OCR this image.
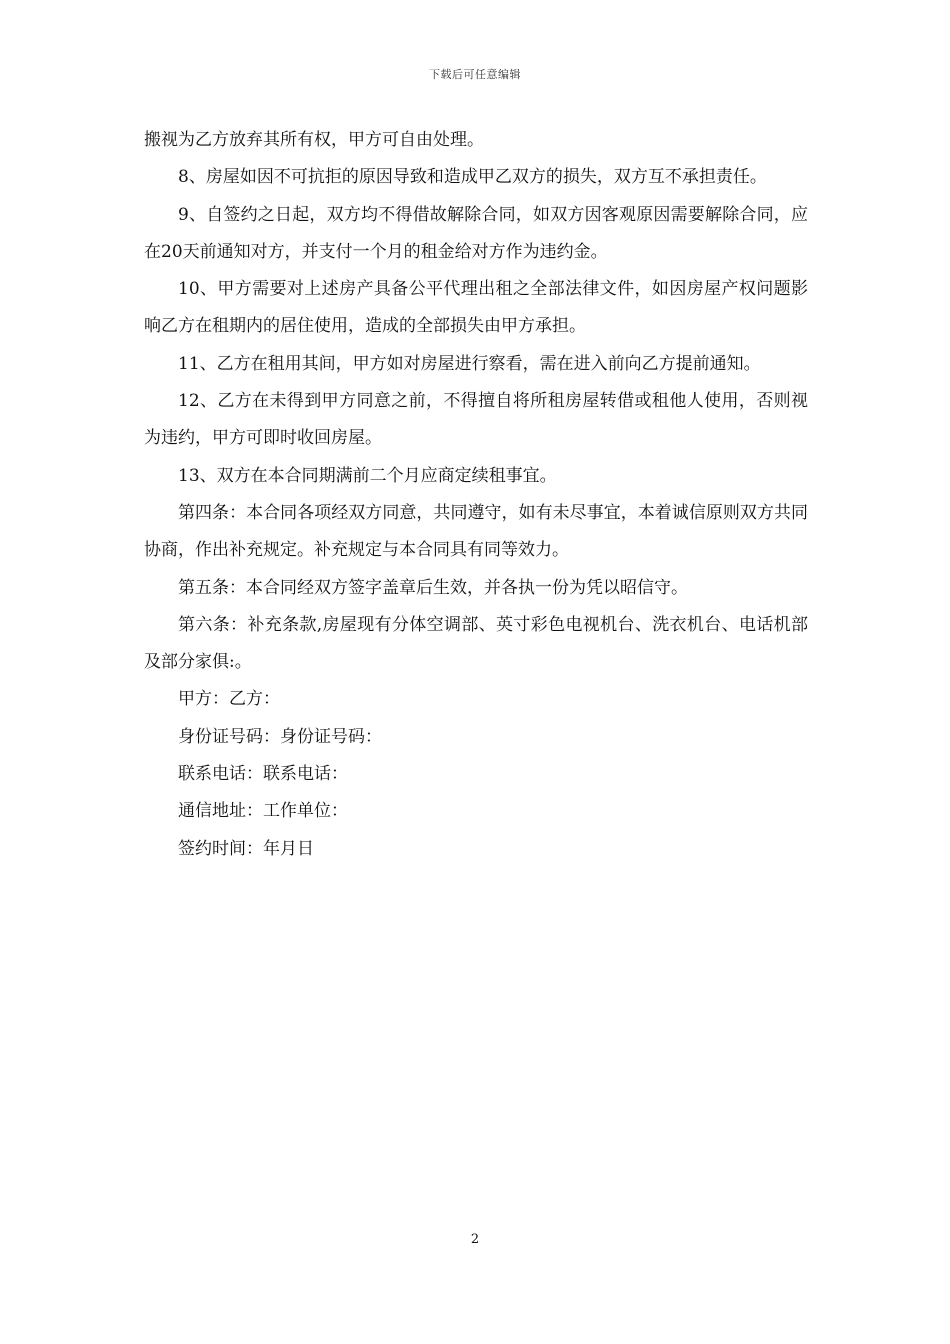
下载后可任意编辑

搬视为乙方放弃其所有权，甲方可自由处理。

8、房屋如因不可抗拒的原因导致和造成甲乙双方的损失，双方互不承担责任。

9、自签约之日起，双方均不得借故解除合同，如双方因客观原因需要解除合同，应在20天前通知对方，并支付一个月的租金给对方作为违约金。

10、甲方需要对上述房产具备公平代理出租之全部法律文件，如因房屋产权问题影响乙方在租期内的居住使用，造成的全部损失由甲方承担。

11、乙方在租用其间，甲方如对房屋进行察看，需在进入前向乙方提前通知。

12、乙方在未得到甲方同意之前，不得擅自将所租房屋转借或租他人使用，否则视为违约，甲方可即时收回房屋。

13、双方在本合同期满前二个月应商定续租事宜。

第四条：本合同各项经双方同意，共同遵守，如有未尽事宜，本着诚信原则双方共同协商，作出补充规定。补充规定与本合同具有同等效力。

第五条：本合同经双方签字盖章后生效，并各执一份为凭以昭信守。

第六条：补充条款,房屋现有分体空调部、英寸彩色电视机台、洗衣机台、电话机部及部分家俱:。

甲方：乙方：

身份证号码：身份证号码：

联系电话：联系电话：

通信地址：工作单位：

签约时间：年月日

2
